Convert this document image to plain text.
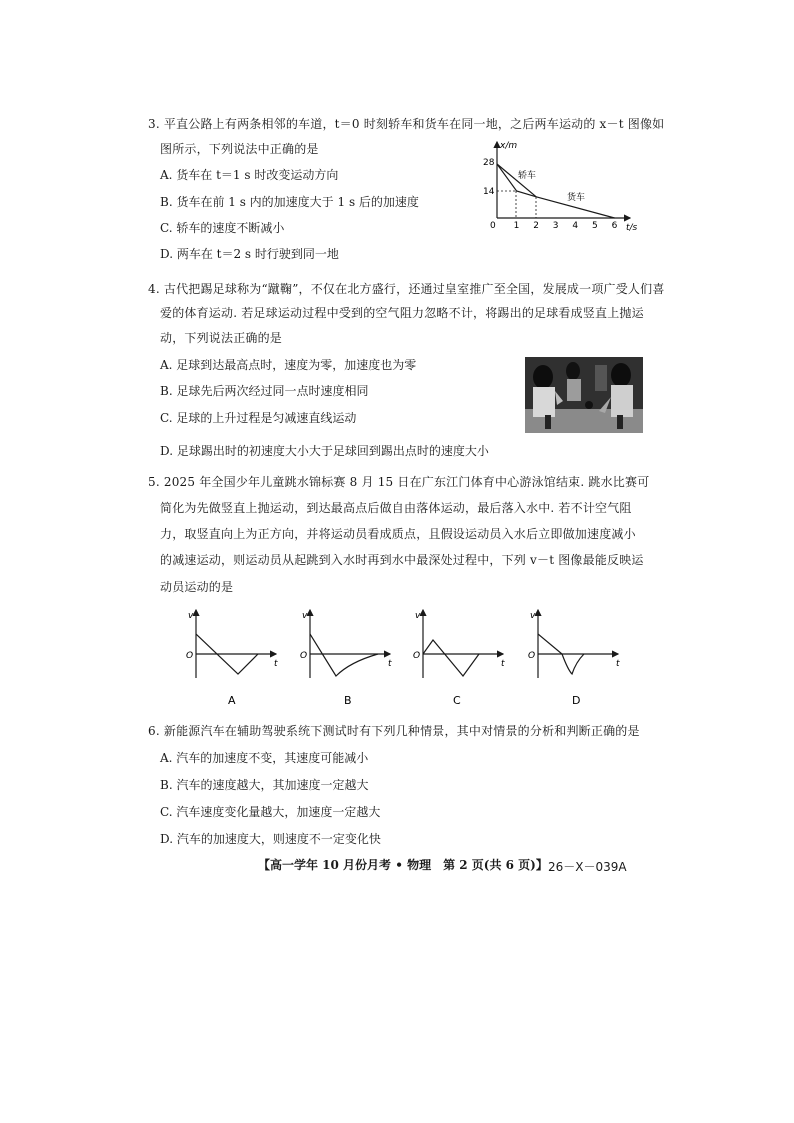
3. 平直公路上有两条相邻的车道，t＝0 时刻轿车和货车在同一地，之后两车运动的 x－t 图像如
图所示，下列说法中正确的是
A. 货车在 t＝1 s 时改变运动方向
B. 货车在前 1 s 内的加速度大于 1 s 后的加速度
C. 轿车的速度不断减小
D. 两车在 t＝2 s 时行驶到同一地
x/m
t/s
0
28
14
1 2 3 4 5 6
轿车
货车
4. 古代把踢足球称为“蹴鞠”，不仅在北方盛行，还通过皇室推广至全国，发展成一项广受人们喜
爱的体育运动. 若足球运动过程中受到的空气阻力忽略不计，将踢出的足球看成竖直上抛运
动，下列说法正确的是
A. 足球到达最高点时，速度为零，加速度也为零
B. 足球先后两次经过同一点时速度相同
C. 足球的上升过程是匀减速直线运动
D. 足球踢出时的初速度大小大于足球回到踢出点时的速度大小
5. 2025 年全国少年儿童跳水锦标赛 8 月 15 日在广东江门体育中心游泳馆结束. 跳水比赛可
简化为先做竖直上抛运动，到达最高点后做自由落体运动，最后落入水中. 若不计空气阻
力，取竖直向上为正方向，并将运动员看成质点，且假设运动员入水后立即做加速度减小
的减速运动，则运动员从起跳到入水时再到水中最深处过程中，下列 v－t 图像最能反映运
动员运动的是
v
t
O
A
v
t
O
B
v
t
O
C
v
t
O
D
6. 新能源汽车在辅助驾驶系统下测试时有下列几种情景，其中对情景的分析和判断正确的是
A. 汽车的加速度不变，其速度可能减小
B. 汽车的速度越大，其加速度一定越大
C. 汽车速度变化量越大，加速度一定越大
D. 汽车的加速度大，则速度不一定变化快
【高一学年 10 月份月考 • 物理　第 2 页(共 6 页)】 26－X－039A
